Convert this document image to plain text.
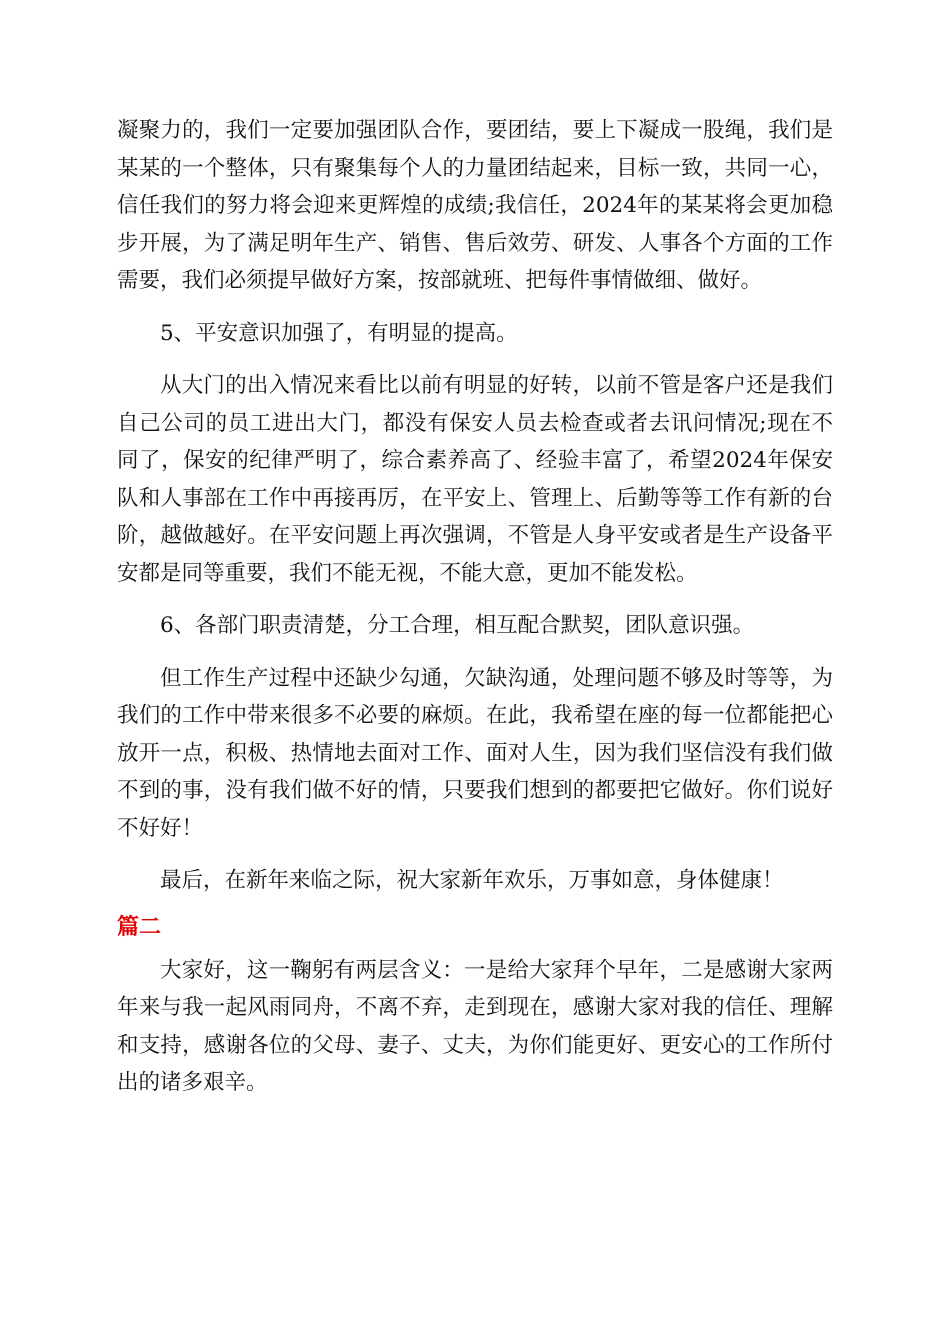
凝聚力的，我们一定要加强团队合作，要团结，要上下凝成一股绳，我们是某某的一个整体，只有聚集每个人的力量团结起来，目标一致，共同一心，信任我们的努力将会迎来更辉煌的成绩;我信任，2024年的某某将会更加稳步开展，为了满足明年生产、销售、售后效劳、研发、人事各个方面的工作需要，我们必须提早做好方案，按部就班、把每件事情做细、做好。

5、平安意识加强了，有明显的提高。

从大门的出入情况来看比以前有明显的好转，以前不管是客户还是我们自己公司的员工进出大门，都没有保安人员去检查或者去讯问情况;现在不同了，保安的纪律严明了，综合素养高了、经验丰富了，希望2024年保安队和人事部在工作中再接再厉，在平安上、管理上、后勤等等工作有新的台阶，越做越好。在平安问题上再次强调，不管是人身平安或者是生产设备平安都是同等重要，我们不能无视，不能大意，更加不能发松。

6、各部门职责清楚，分工合理，相互配合默契，团队意识强。

但工作生产过程中还缺少勾通，欠缺沟通，处理问题不够及时等等，为我们的工作中带来很多不必要的麻烦。在此，我希望在座的每一位都能把心放开一点，积极、热情地去面对工作、面对人生，因为我们坚信没有我们做不到的事，没有我们做不好的情，只要我们想到的都要把它做好。你们说好不好好！

最后，在新年来临之际，祝大家新年欢乐，万事如意，身体健康！

篇二

大家好，这一鞠躬有两层含义：一是给大家拜个早年，二是感谢大家两年来与我一起风雨同舟，不离不弃，走到现在，感谢大家对我的信任、理解和支持，感谢各位的父母、妻子、丈夫，为你们能更好、更安心的工作所付出的诸多艰辛。
